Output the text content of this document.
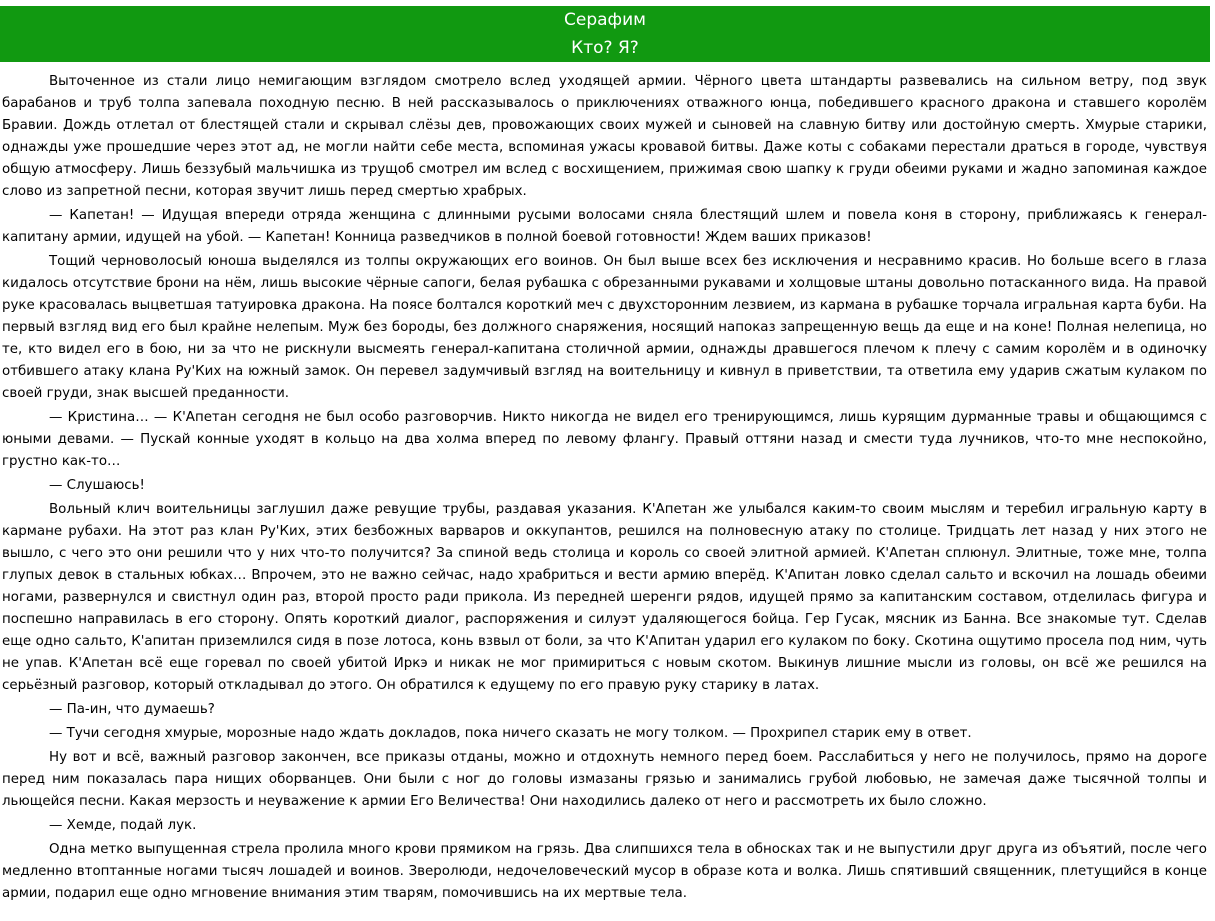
Серафим
Кто? Я?

Выточенное из стали лицо немигающим взглядом смотрело вслед уходящей армии. Чёрного цвета штандарты развевались на сильном ветру, под звук барабанов и труб толпа запевала походную песню. В ней рассказывалось о приключениях отважного юнца, победившего красного дракона и ставшего королём Бравии. Дождь отлетал от блестящей стали и скрывал слёзы дев, провожающих своих мужей и сыновей на славную битву или достойную смерть. Хмурые старики, однажды уже прошедшие через этот ад, не могли найти себе места, вспоминая ужасы кровавой битвы. Даже коты с собаками перестали драться в городе, чувствуя общую атмосферу. Лишь беззубый мальчишка из трущоб смотрел им вслед с восхищением, прижимая свою шапку к груди обеими руками и жадно запоминая каждое слово из запретной песни, которая звучит лишь перед смертью храбрых.

— Капетан! — Идущая впереди отряда женщина с длинными русыми волосами сняла блестящий шлем и повела коня в сторону, приближаясь к генерал-капитану армии, идущей на убой. — Капетан! Конница разведчиков в полной боевой готовности! Ждем ваших приказов!

Тощий черноволосый юноша выделялся из толпы окружающих его воинов. Он был выше всех без исключения и несравнимо красив. Но больше всего в глаза кидалось отсутствие брони на нём, лишь высокие чёрные сапоги, белая рубашка с обрезанными рукавами и холщовые штаны довольно потасканного вида. На правой руке красовалась выцветшая татуировка дракона. На поясе болтался короткий меч с двухсторонним лезвием, из кармана в рубашке торчала игральная карта буби. На первый взгляд вид его был крайне нелепым. Муж без бороды, без должного снаряжения, носящий напоказ запрещенную вещь да еще и на коне! Полная нелепица, но те, кто видел его в бою, ни за что не рискнули высмеять генерал-капитана столичной армии, однажды дравшегося плечом к плечу с самим королём и в одиночку отбившего атаку клана Ру'Ких на южный замок. Он перевел задумчивый взгляд на воительницу и кивнул в приветствии, та ответила ему ударив сжатым кулаком по своей груди, знак высшей преданности.

— Кристина… — К'Апетан сегодня не был особо разговорчив. Никто никогда не видел его тренирующимся, лишь курящим дурманные травы и общающимся с юными девами. — Пускай конные уходят в кольцо на два холма вперед по левому флангу. Правый оттяни назад и смести туда лучников, что-то мне неспокойно, грустно как-то…

— Слушаюсь!

Вольный клич воительницы заглушил даже ревущие трубы, раздавая указания. К'Апетан же улыбался каким-то своим мыслям и теребил игральную карту в кармане рубахи. На этот раз клан Ру'Ких, этих безбожных варваров и оккупантов, решился на полновесную атаку по столице. Тридцать лет назад у них этого не вышло, с чего это они решили что у них что-то получится? За спиной ведь столица и король со своей элитной армией. К'Апетан сплюнул. Элитные, тоже мне, толпа глупых девок в стальных юбках… Впрочем, это не важно сейчас, надо храбриться и вести армию вперёд. К'Апитан ловко сделал сальто и вскочил на лошадь обеими ногами, развернулся и свистнул один раз, второй просто ради прикола. Из передней шеренги рядов, идущей прямо за капитанским составом, отделилась фигура и поспешно направилась в его сторону. Опять короткий диалог, распоряжения и силуэт удаляющегося бойца. Гер Гусак, мясник из Банна. Все знакомые тут. Сделав еще одно сальто, К'апитан приземлился сидя в позе лотоса, конь взвыл от боли, за что К'Апитан ударил его кулаком по боку. Скотина ощутимо просела под ним, чуть не упав. К'Апетан всё еще горевал по своей убитой Иркэ и никак не мог примириться с новым скотом. Выкинув лишние мысли из головы, он всё же решился на серьёзный разговор, который откладывал до этого. Он обратился к едущему по его правую руку старику в латах.

— Па-ин, что думаешь?

— Тучи сегодня хмурые, морозные надо ждать докладов, пока ничего сказать не могу толком. — Прохрипел старик ему в ответ.

Ну вот и всё, важный разговор закончен, все приказы отданы, можно и отдохнуть немного перед боем. Расслабиться у него не получилось, прямо на дороге перед ним показалась пара нищих оборванцев. Они были с ног до головы измазаны грязью и занимались грубой любовью, не замечая даже тысячной толпы и льющейся песни. Какая мерзость и неуважение к армии Его Величества! Они находились далеко от него и рассмотреть их было сложно.

— Хемде, подай лук.

Одна метко выпущенная стрела пролила много крови прямиком на грязь. Два слипшихся тела в обносках так и не выпустили друг друга из объятий, после чего медленно втоптанные ногами тысяч лошадей и воинов. Зверолюди, недочеловеческий мусор в образе кота и волка. Лишь спятивший священник, плетущийся в конце армии, подарил еще одно мгновение внимания этим тварям, помочившись на их мертвые тела.
